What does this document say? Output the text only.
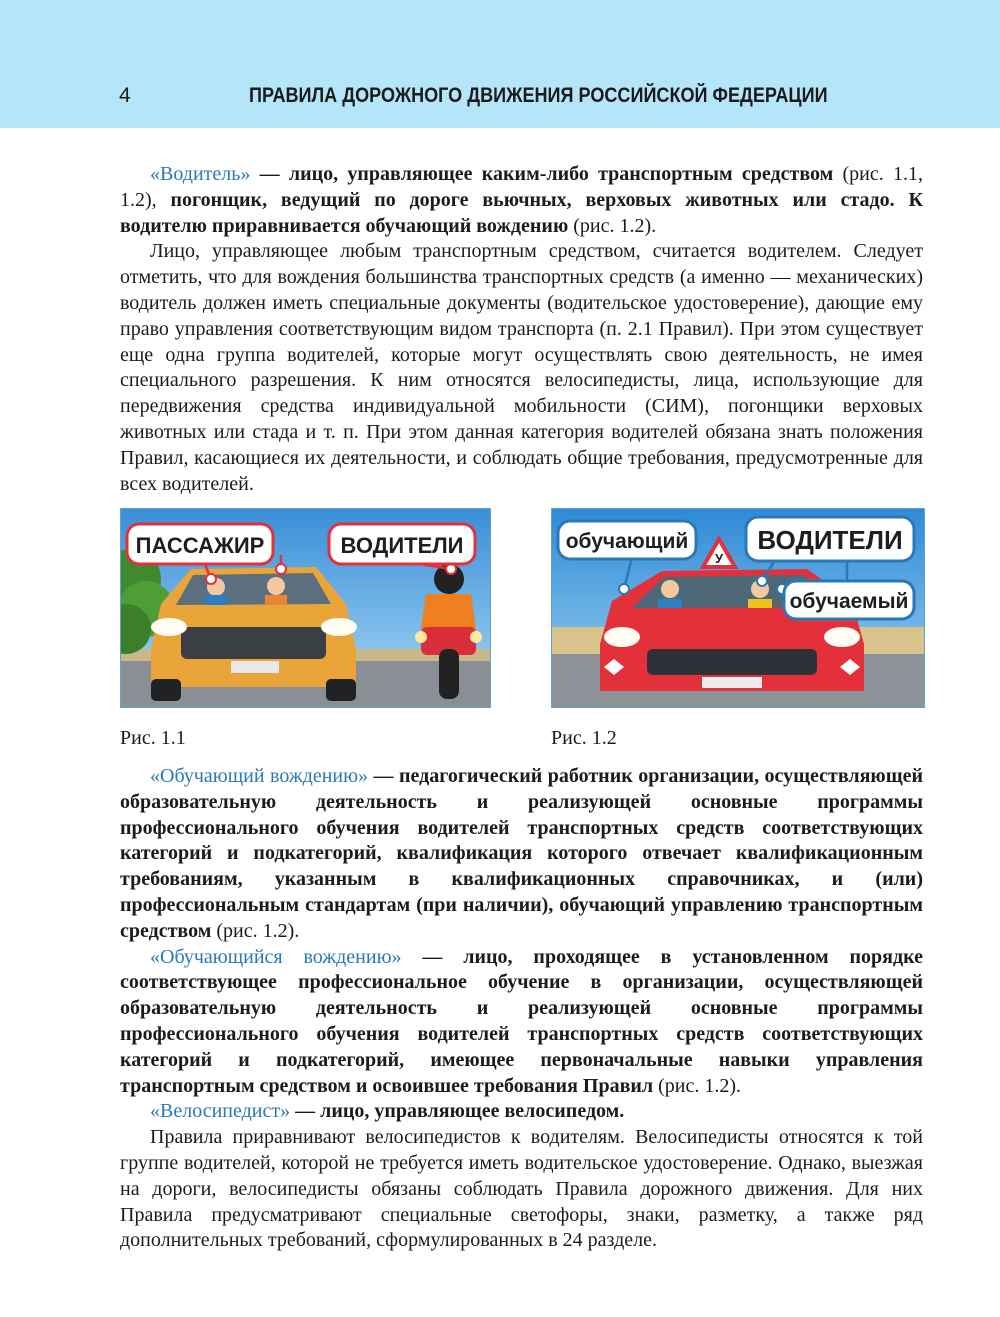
4	ПРАВИЛА ДОРОЖНОГО ДВИЖЕНИЯ РОССИЙСКОЙ ФЕДЕРАЦИИ

«Водитель» — лицо, управляющее каким-либо транспортным средством (рис. 1.1, 1.2), погонщик, ведущий по дороге вьючных, верховых животных или стадо. К водителю приравнивается обучающий вождению (рис. 1.2).

Лицо, управляющее любым транспортным средством, считается водителем. Следует отметить, что для вождения большинства транспортных средств (а именно — механических) водитель должен иметь специальные документы (водительское удостоверение), дающие ему право управления соответствующим видом транспорта (п. 2.1 Правил). При этом существует еще одна группа водителей, которые могут осуществлять свою деятельность, не имея специального разрешения. К ним относятся велосипедисты, лица, использующие для передвижения средства индивидуальной мобильности (СИМ), погонщики верховых животных или стада и т. п. При этом данная категория водителей обязана знать положения Правил, касающиеся их деятельности, и соблюдать общие требования, предусмотренные для всех водителей.

ПАССАЖИР	ВОДИТЕЛИ
У
обучающий	ВОДИТЕЛИ
обучаемый
Рис. 1.1	Рис. 1.2

«Обучающий вождению» — педагогический работник организации, осуществляющей образовательную деятельность и реализующей основные программы профессионального обучения водителей транспортных средств соответствующих категорий и подкатегорий, квалификация которого отвечает квалификационным требованиям, указанным в квалификационных справочниках, и (или) профессиональным стандартам (при наличии), обучающий управлению транспортным средством (рис. 1.2).

«Обучающийся вождению» — лицо, проходящее в установленном порядке соответствующее профессиональное обучение в организации, осуществляющей образовательную деятельность и реализующей основные программы профессионального обучения водителей транспортных средств соответствующих категорий и подкатегорий, имеющее первоначальные навыки управления транспортным средством и освоившее требования Правил (рис. 1.2).

«Велосипедист» — лицо, управляющее велосипедом.

Правила приравнивают велосипедистов к водителям. Велосипедисты относятся к той группе водителей, которой не требуется иметь водительское удостоверение. Однако, выезжая на дороги, велосипедисты обязаны соблюдать Правила дорожного движения. Для них Правила предусматривают специальные светофоры, знаки, разметку, а также ряд дополнительных требований, сформулированных в 24 разделе.
